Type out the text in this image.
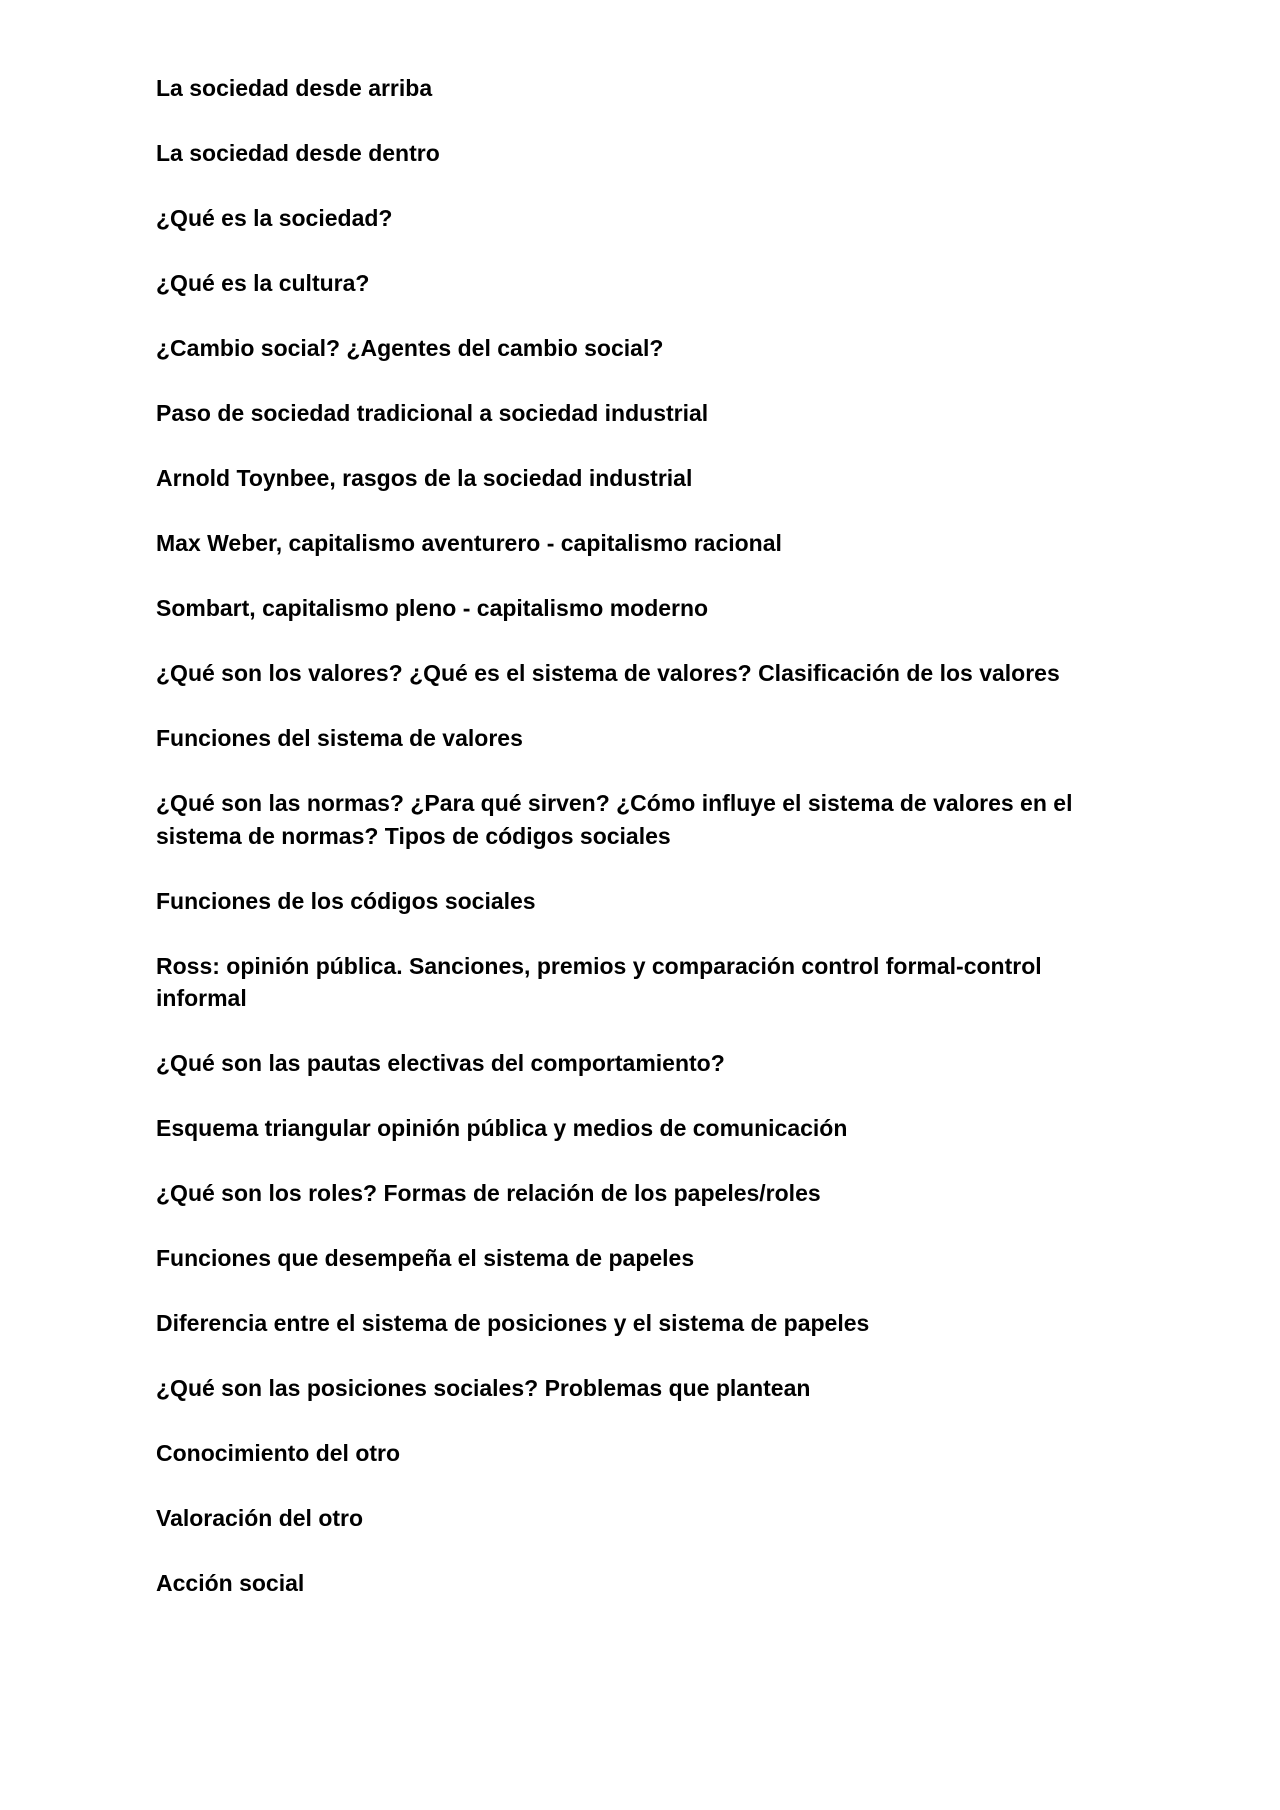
La sociedad desde arriba
La sociedad desde dentro
¿Qué es la sociedad?
¿Qué es la cultura?
¿Cambio social? ¿Agentes del cambio social?
Paso de sociedad tradicional a sociedad industrial
Arnold Toynbee, rasgos de la sociedad industrial
Max Weber, capitalismo aventurero - capitalismo racional
Sombart, capitalismo pleno - capitalismo moderno
¿Qué son los valores? ¿Qué es el sistema de valores? Clasificación de los valores
Funciones del sistema de valores
¿Qué son las normas? ¿Para qué sirven? ¿Cómo influye el sistema de valores en el sistema de normas? Tipos de códigos sociales
Funciones de los códigos sociales
Ross: opinión pública. Sanciones, premios y comparación control formal-control informal
¿Qué son las pautas electivas del comportamiento?
Esquema triangular opinión pública y medios de comunicación
¿Qué son los roles? Formas de relación de los papeles/roles
Funciones que desempeña el sistema de papeles
Diferencia entre el sistema de posiciones y el sistema de papeles
¿Qué son las posiciones sociales? Problemas que plantean
Conocimiento del otro
Valoración del otro
Acción social
